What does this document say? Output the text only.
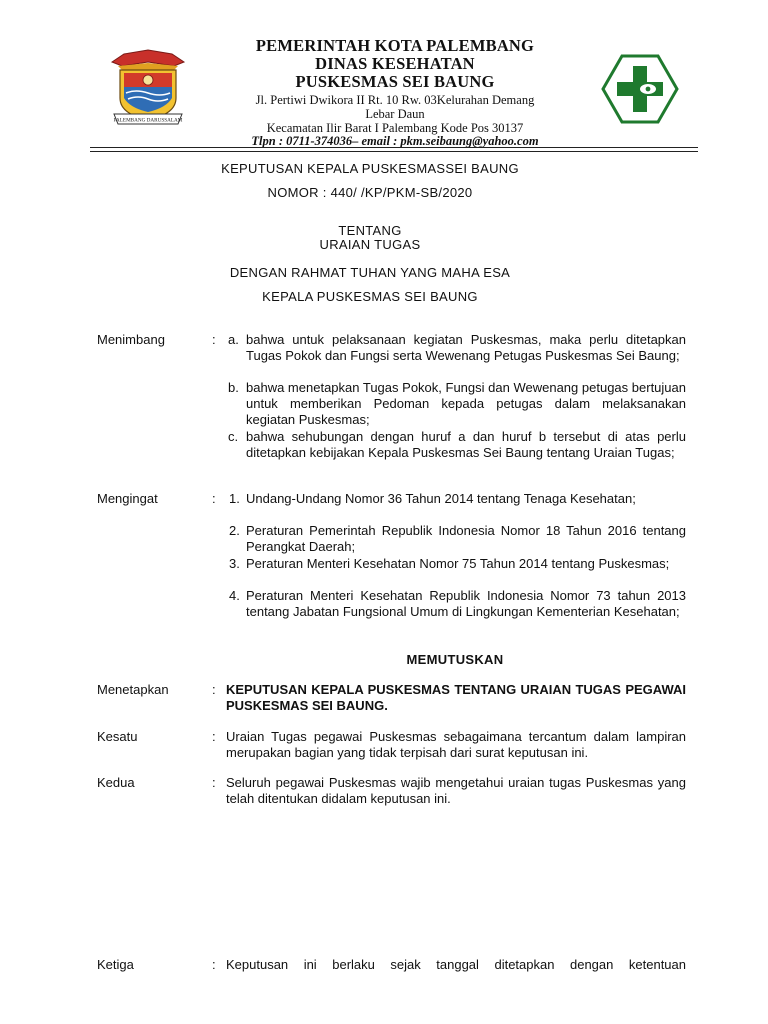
PALEMBANG DARUSSALAM
PEMERINTAH KOTA PALEMBANG
DINAS KESEHATAN
PUSKESMAS SEI BAUNG
Jl. Pertiwi Dwikora II Rt. 10 Rw. 03Kelurahan Demang
Lebar Daun
Kecamatan Ilir Barat I Palembang Kode Pos 30137
Tlpn : 0711-374036– email : pkm.seibaung@yahoo.com
KEPUTUSAN KEPALA PUSKESMASSEI BAUNG
NOMOR : 440/ /KP/PKM-SB/2020
TENTANG
URAIAN TUGAS
DENGAN RAHMAT TUHAN YANG MAHA ESA
KEPALA PUSKESMAS SEI BAUNG
Menimbang	: a. bahwa untuk pelaksanaan kegiatan Puskesmas, maka perlu ditetapkan Tugas Pokok dan Fungsi serta Wewenang Petugas Puskesmas Sei Baung;
b. bahwa menetapkan Tugas Pokok, Fungsi dan Wewenang petugas bertujuan untuk memberikan Pedoman kepada petugas dalam melaksanakan kegiatan Puskesmas;
c. bahwa sehubungan dengan huruf a dan huruf b tersebut di atas perlu ditetapkan kebijakan Kepala Puskesmas Sei Baung tentang Uraian Tugas;
Mengingat	: 1. Undang-Undang Nomor 36 Tahun 2014 tentang Tenaga Kesehatan;
2. Peraturan Pemerintah Republik Indonesia Nomor 18 Tahun 2016 tentang Perangkat Daerah;
3. Peraturan Menteri Kesehatan Nomor 75 Tahun 2014 tentang Puskesmas;
4. Peraturan Menteri Kesehatan Republik Indonesia Nomor 73 tahun 2013 tentang Jabatan Fungsional Umum di Lingkungan Kementerian Kesehatan;
MEMUTUSKAN
Menetapkan	: KEPUTUSAN KEPALA PUSKESMAS TENTANG URAIAN TUGAS PEGAWAI PUSKESMAS SEI BAUNG.
Kesatu	: Uraian Tugas pegawai Puskesmas sebagaimana tercantum dalam lampiran merupakan bagian yang tidak terpisah dari surat keputusan ini.
Kedua	: Seluruh pegawai Puskesmas wajib mengetahui uraian tugas Puskesmas yang telah ditentukan didalam keputusan ini.
Ketiga	: Keputusan ini berlaku sejak tanggal ditetapkan dengan ketentuan
